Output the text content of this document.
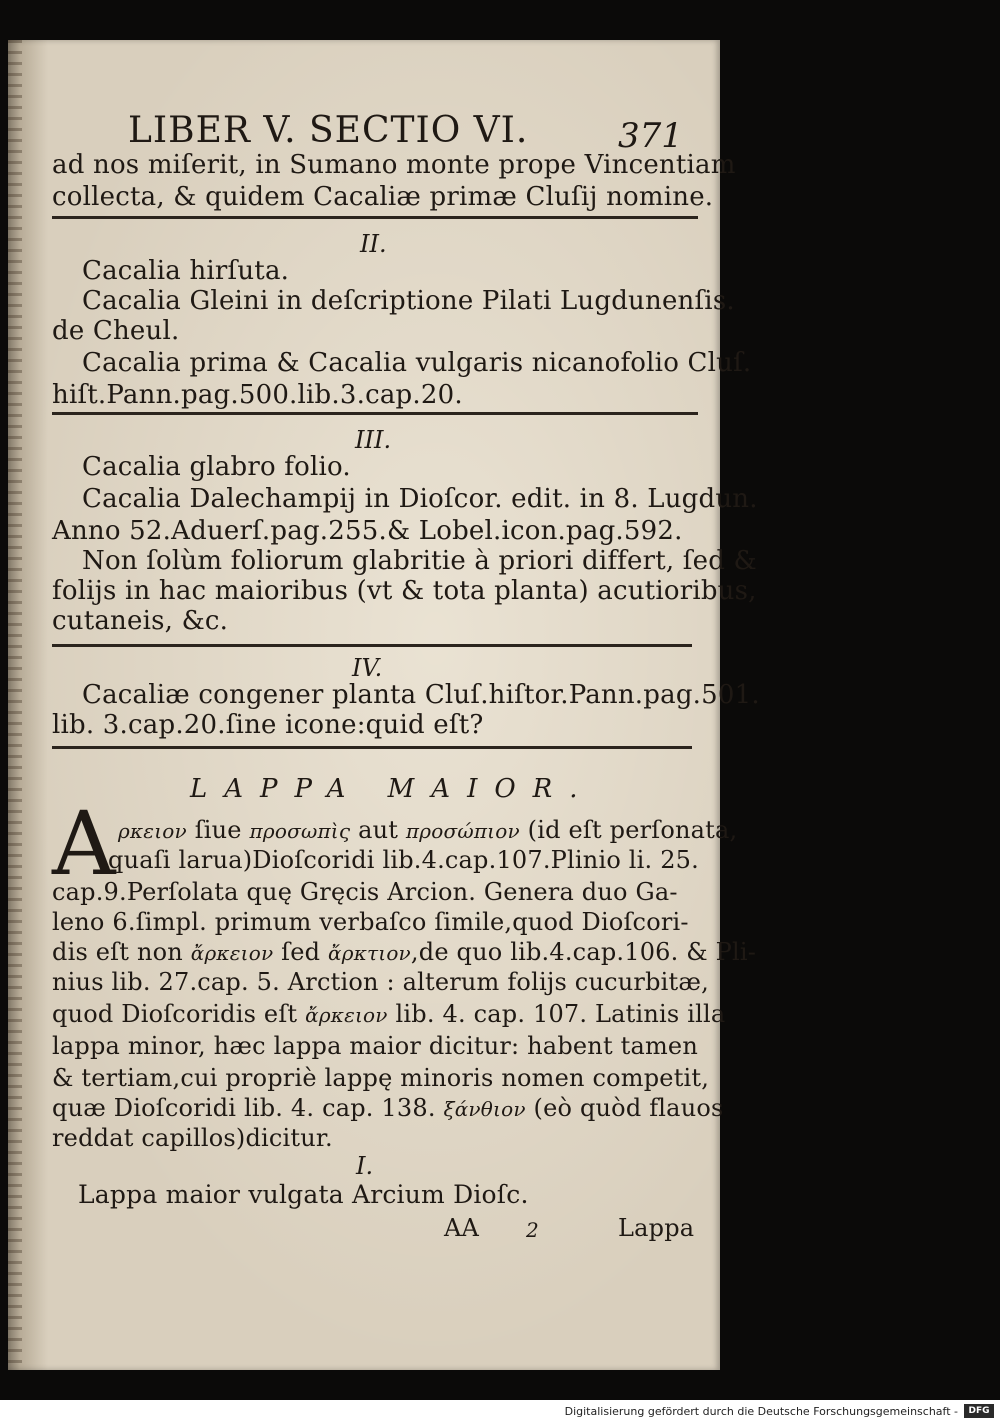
LIBER V. SECTIO VI.	371
ad nos miſerit, in Sumano monte prope Vincentiam
collecta, & quidem Cacaliæ primæ Cluſij nomine.
II.
Cacalia hirſuta.
Cacalia Gleini in deſcriptione Pilati Lugdunenſis.
de Cheul.
Cacalia prima & Cacalia vulgaris nicanofolio Cluſ.
hiſt.Pann.pag.500.lib.3.cap.20.
III.
Cacalia glabro folio.
Cacalia Dalechampij in Dioſcor. edit. in 8. Lugdun.
Anno 52.Aduerſ.pag.255.& Lobel.icon.pag.592.
Non ſolùm foliorum glabritie à priori differt, ſed &
folijs in hac maioribus (vt & tota planta) acutioribus,
cutaneis, &c.
IV.
Cacaliæ congener planta Cluſ.hiſtor.Pann.pag.501.
lib. 3.cap.20.ſine icone:quid eſt?
LAPPA MAIOR.
A ρκειον ſiue προσωπὶς aut προσώπιον (id eſt perſonata,
quaſi larua)Dioſcoridi lib.4.cap.107.Plinio li. 25.
cap.9.Perſolata quę Gręcis Arcion. Genera duo Ga-
leno 6.ſimpl. primum verbaſco ſimile,quod Dioſcori-
dis eſt non ἄρκειον ſed ἄρκτιον,de quo lib.4.cap.106. & Pli-
nius lib. 27.cap. 5. Arction : alterum folijs cucurbitæ,
quod Dioſcoridis eſt ἄρκειον lib. 4. cap. 107. Latinis illa
lappa minor, hæc lappa maior dicitur: habent tamen
& tertiam,cui propriè lappę minoris nomen competit,
quæ Dioſcoridi lib. 4. cap. 138. ξάνθιον (eò quòd flauos
reddat capillos)dicitur.
I.
Lappa maior vulgata Arcium Dioſc.
AA 2	Lappa
Digitalisierung gefördert durch die Deutsche Forschungsgemeinschaft -	DFG
